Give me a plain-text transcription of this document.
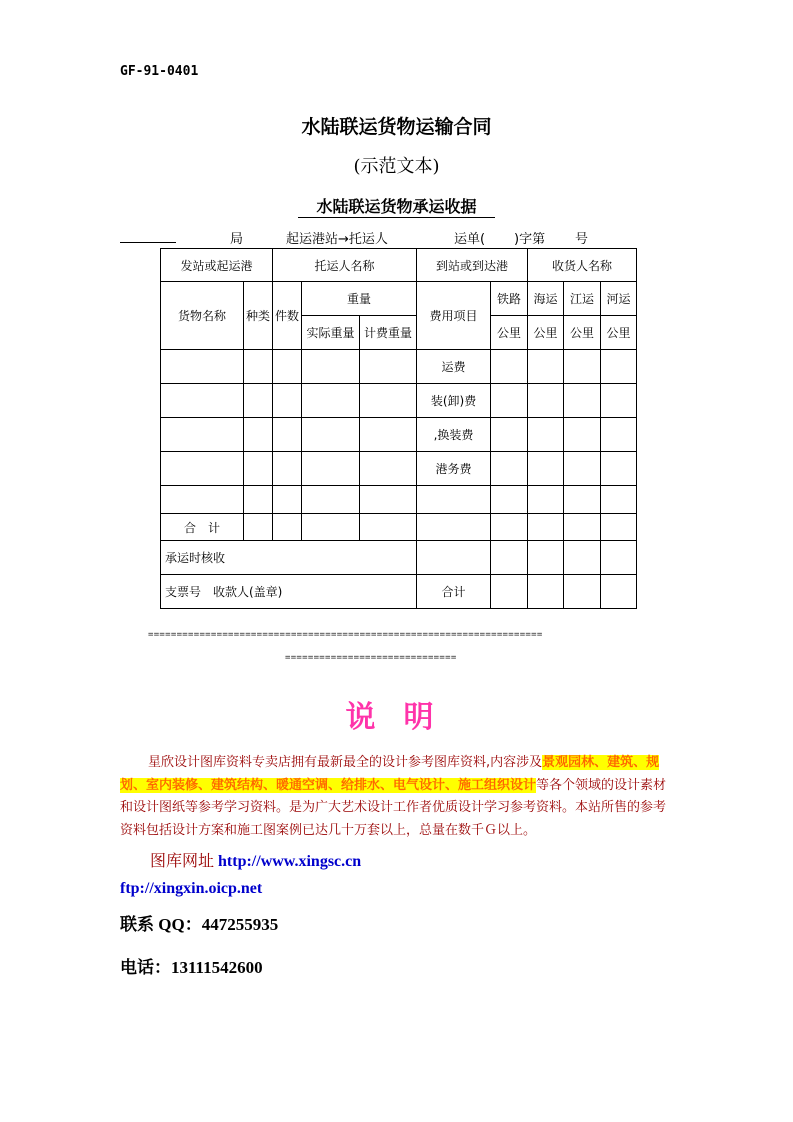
GF-91-0401
水陆联运货物运输合同
(示范文本)
水陆联运货物承运收据
局	起运港站→托运人	运单( )字第 号
发站或起运港		托运人名称			到站或到达港		收货人名称		
货物名称	种类	件数	重量		费用项目	铁路	海运	江运	河运
			实际重量	计费重量		公里	公里	公里	公里
					运费				
					装(卸)费				
					,换装费				
					港务费				

合　计									
承运时核收									
支票号　收款人(盖章)					合计				
=====================================================================
==============================
说明
星欣设计图库资料专卖店拥有最新最全的设计参考图库资料,内容涉及景观园林、建筑、规划、室内装修、建筑结构、暖通空调、给排水、电气设计、施工组织设计等各个领域的设计素材和设计图纸等参考学习资料。是为广大艺术设计工作者优质设计学习参考资料。本站所售的参考资料包括设计方案和施工图案例已达几十万套以上，总量在数千Ｇ以上。
图库网址 http://www.xingsc.cn
ftp://xingxin.oicp.net
联系 QQ：447255935
电话：13111542600
